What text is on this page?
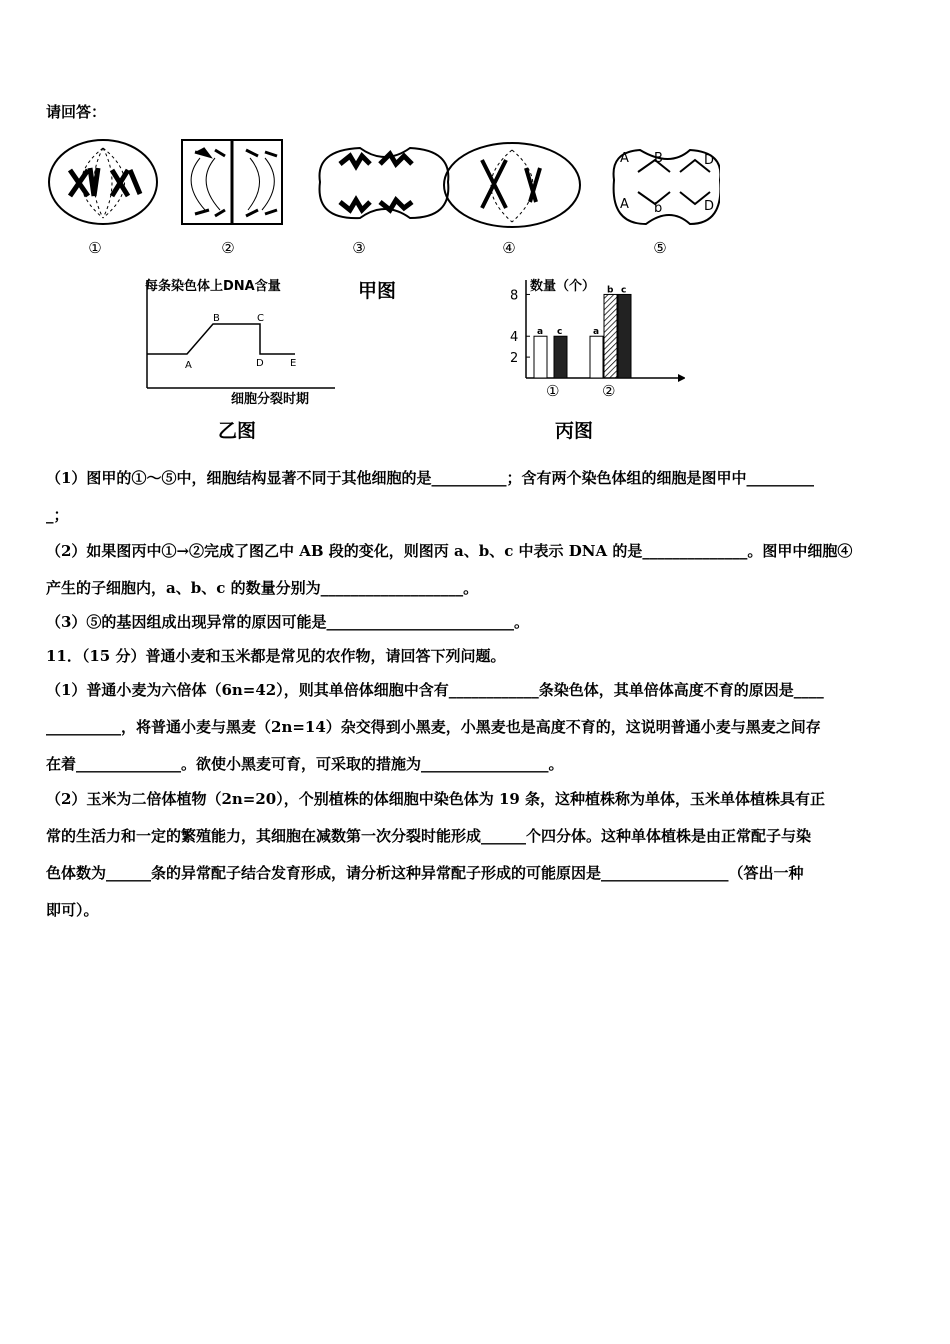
请回答：
A B	D
A b	D
①	②	③	④	⑤
甲图
每条染色体上DNA含量
A
B	C
D	E
细胞分裂时期
乙图
数量（个）
2
4
8
a c
①
a
b c
②
丙图
（1）图甲的①～⑤中，细胞结构显著不同于其他细胞的是__________；含有两个染色体组的细胞是图甲中_________
_；
（2）如果图丙中①→②完成了图乙中 AB 段的变化，则图丙 a、b、c 中表示 DNA 的是______________。图甲中细胞④
产生的子细胞内，a、b、c 的数量分别为___________________。
（3）⑤的基因组成出现异常的原因可能是_________________________。
11．（15 分）普通小麦和玉米都是常见的农作物，请回答下列问题。
（1）普通小麦为六倍体（6n=42），则其单倍体细胞中含有____________条染色体，其单倍体高度不育的原因是____
__________，将普通小麦与黑麦（2n=14）杂交得到小黑麦，小黑麦也是高度不育的，这说明普通小麦与黑麦之间存
在着______________。欲使小黑麦可育，可采取的措施为_________________。
（2）玉米为二倍体植物（2n=20），个别植株的体细胞中染色体为 19 条，这种植株称为单体，玉米单体植株具有正
常的生活力和一定的繁殖能力，其细胞在减数第一次分裂时能形成______个四分体。这种单体植株是由正常配子与染
色体数为______条的异常配子结合发育形成，请分析这种异常配子形成的可能原因是_________________（答出一种
即可）。
